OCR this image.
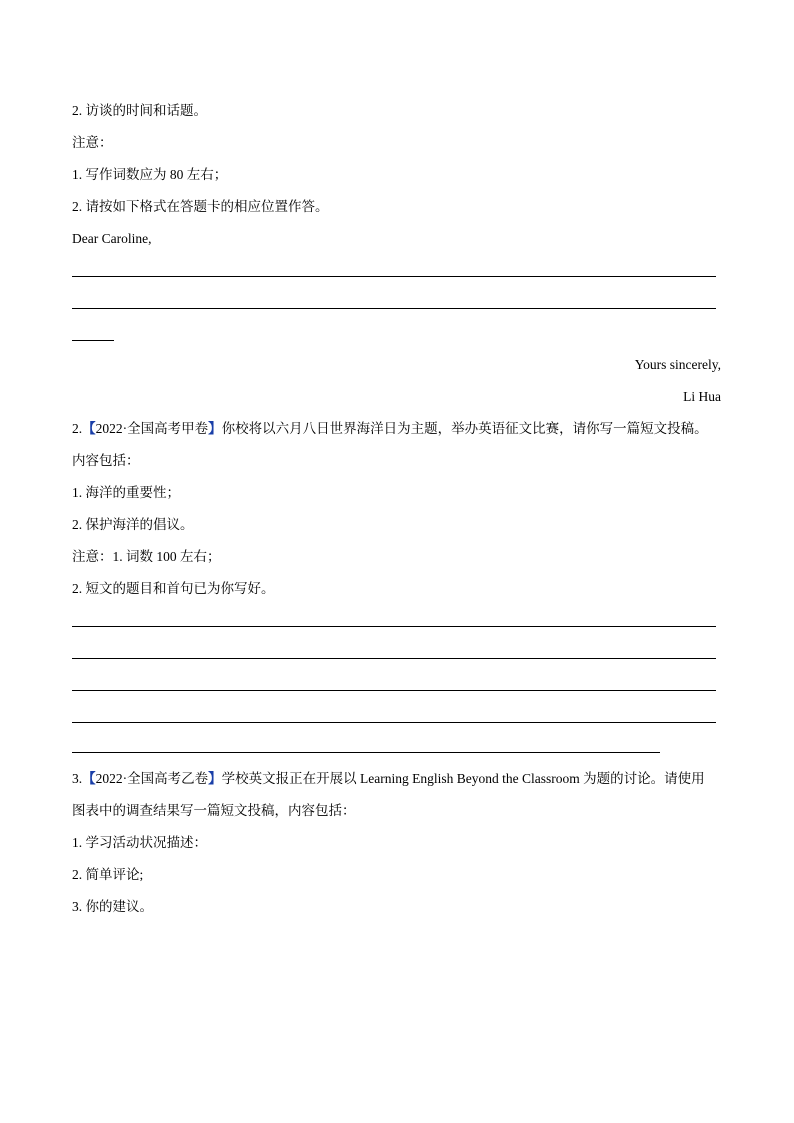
2. 访谈的时间和话题。
注意：
1. 写作词数应为 80 左右；
2. 请按如下格式在答题卡的相应位置作答。
Dear Caroline,
Yours sincerely,
Li Hua
2.【2022·全国高考甲卷】你校将以六月八日世界海洋日为主题，举办英语征文比赛，请你写一篇短文投稿。
内容包括：
1. 海洋的重要性；
2. 保护海洋的倡议。
注意：1. 词数 100 左右；
2. 短文的题目和首句已为你写好。
3.【2022·全国高考乙卷】学校英文报正在开展以 Learning English Beyond the Classroom 为题的讨论。请使用
图表中的调查结果写一篇短文投稿，内容包括：
1. 学习活动状况描述：
2. 简单评论;
3. 你的建议。
